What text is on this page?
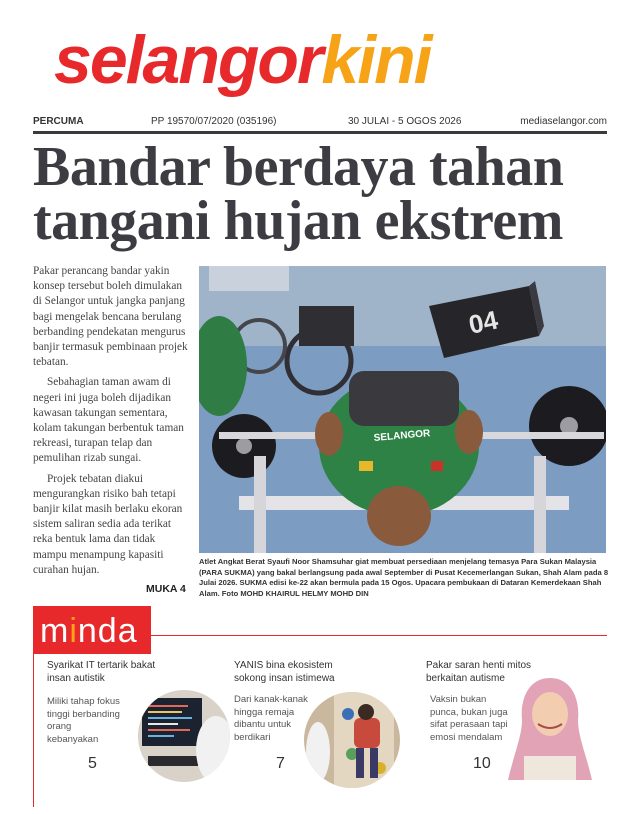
selangorkini
PERCUMA	PP 19570/07/2020 (035196)	30 JULAI - 5 OGOS 2026	mediaselangor.com
Bandar berdaya tahan
tangani hujan ekstrem

Pakar perancang bandar yakin konsep tersebut boleh dimulakan di Selangor untuk jangka panjang bagi mengelak bencana berulang berbanding pendekatan mengurus banjir termasuk pembinaan projek tebatan.

Sebahagian taman awam di negeri ini juga boleh dijadikan kawasan takungan sementara, kolam takungan berbentuk taman rekreasi, turapan telap dan pemulihan rizab sungai.

Projek tebatan diakui mengurangkan risiko bah tetapi banjir kilat masih berlaku ekoran sistem saliran sedia ada terikat reka bentuk lama dan tidak mampu menampung kapasiti curahan hujan.

MUKA 4
04
SELANGOR
Atlet Angkat Berat Syaufi Noor Shamsuhar giat membuat persediaan menjelang temasya Para Sukan Malaysia (PARA SUKMA) yang bakal berlangsung pada awal September di Pusat Kecemerlangan Sukan, Shah Alam pada 8 Julai 2026. SUKMA edisi ke-22 akan bermula pada 15 Ogos. Upacara pembukaan di Dataran Kemerdekaan Shah Alam. Foto MOHD KHAIRUL HELMY MOHD DIN
minda
Syarikat IT tertarik bakat insan autistik
Miliki tahap fokus tinggi berbanding orang kebanyakan
5
YANIS bina ekosistem sokong insan istimewa
Dari kanak-kanak hingga remaja dibantu untuk berdikari
7
Pakar saran henti mitos berkaitan autisme
Vaksin bukan punca, bukan juga sifat perasaan tapi emosi mendalam
10
